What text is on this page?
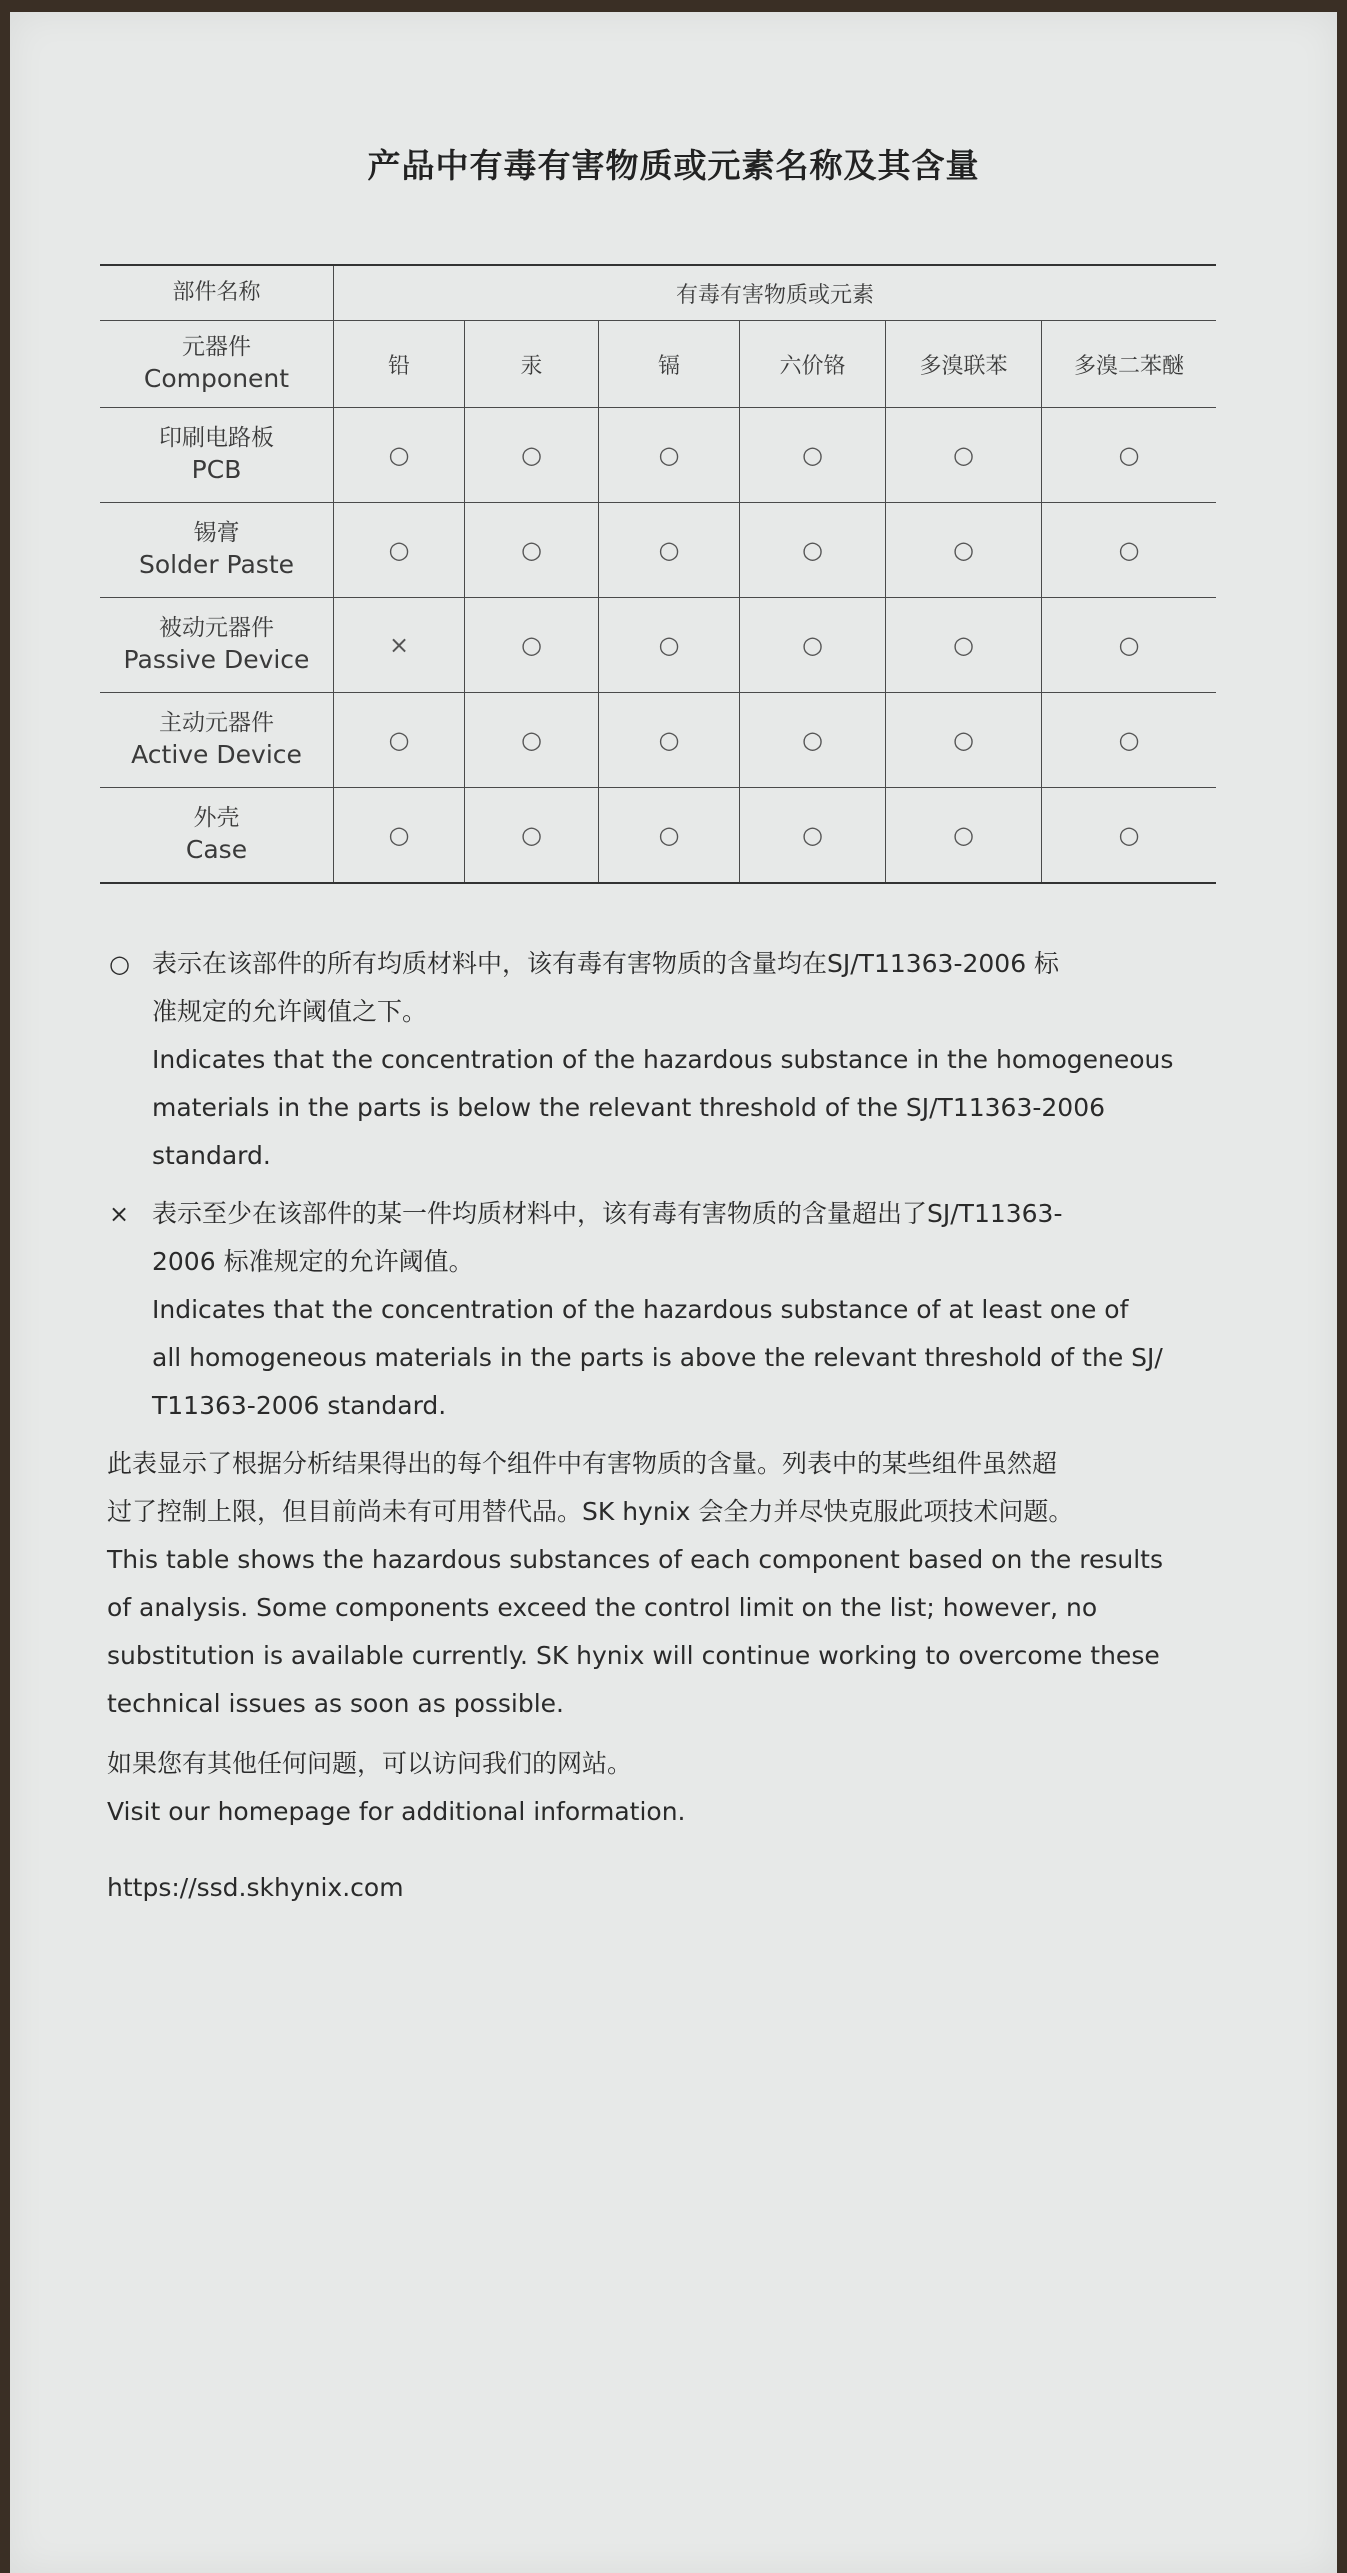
产品中有毒有害物质或元素名称及其含量
部件名称	有毒有害物质或元素					

元器件
Component	铅	汞	镉	六价铬	多溴联苯	多溴二苯醚

印刷电路板
PCB	○	○	○	○	○	○

锡膏
Solder Paste	○	○	○	○	○	○

被动元器件
Passive Device	×	○	○	○	○	○

主动元器件
Active Device	○	○	○	○	○	○

外壳
Case	○	○	○	○	○	○
○ 表示在该部件的所有均质材料中，该有毒有害物质的含量均在SJ/T11363-2006 标
准规定的允许阈值之下。
Indicates that the concentration of the hazardous substance in the homogeneous
materials in the parts is below the relevant threshold of the SJ/T11363-2006
standard.
× 表示至少在该部件的某一件均质材料中，该有毒有害物质的含量超出了SJ/T11363-
2006 标准规定的允许阈值。
Indicates that the concentration of the hazardous substance of at least one of
all homogeneous materials in the parts is above the relevant threshold of the SJ/
T11363-2006 standard.
此表显示了根据分析结果得出的每个组件中有害物质的含量。列表中的某些组件虽然超
过了控制上限，但目前尚未有可用替代品。SK hynix 会全力并尽快克服此项技术问题。
This table shows the hazardous substances of each component based on the results
of analysis. Some components exceed the control limit on the list; however, no
substitution is available currently. SK hynix will continue working to overcome these
technical issues as soon as possible.
如果您有其他任何问题，可以访问我们的网站。
Visit our homepage for additional information.
https://ssd.skhynix.com
